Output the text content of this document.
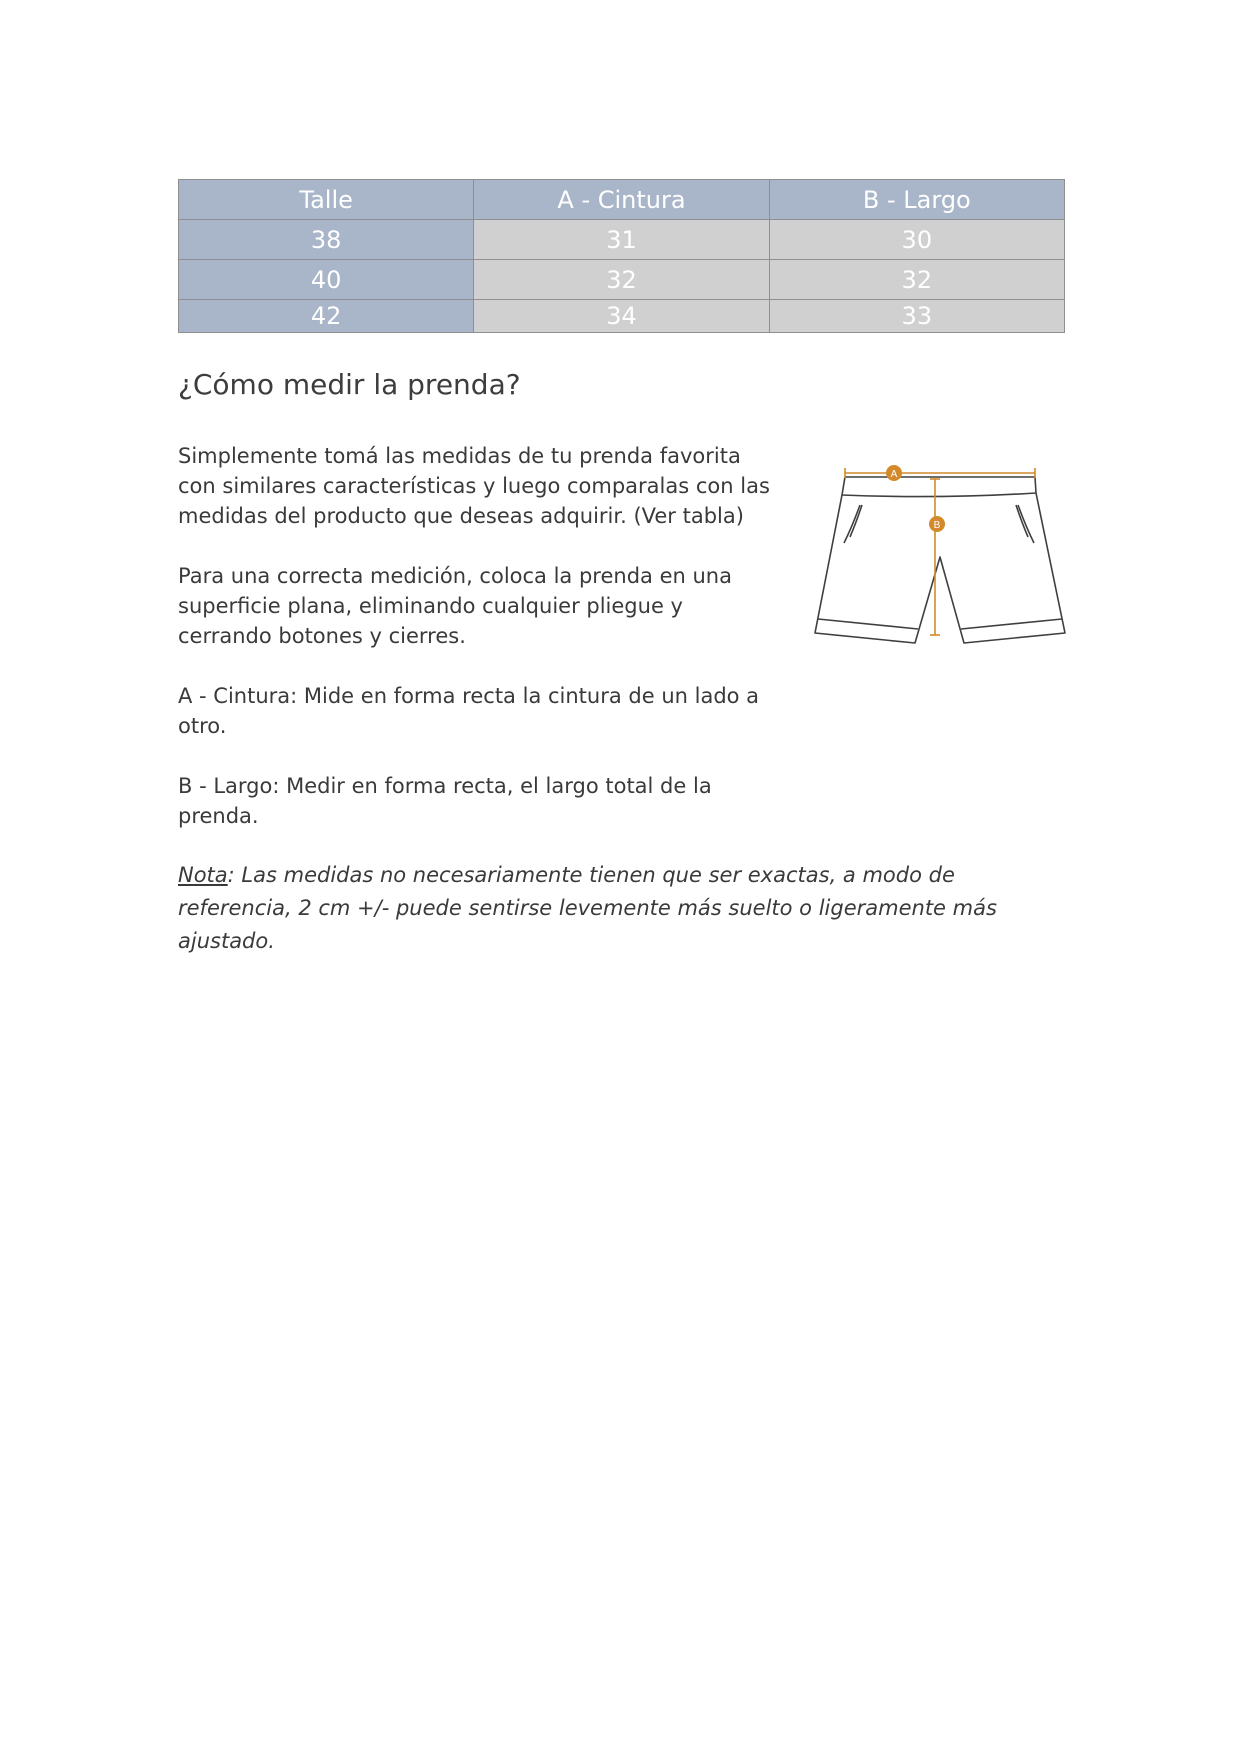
Talle	A - Cintura	B - Largo
38	31	30
40	32	32
42	34	33
¿Cómo medir la prenda?

Simplemente tomá las medidas de tu prenda favorita con similares características y luego comparalas con las medidas del producto que deseas adquirir. (Ver tabla)

Para una correcta medición, coloca la prenda en una superficie plana, eliminando cualquier pliegue y cerrando botones y cierres.

A - Cintura: Mide en forma recta la cintura de un lado a otro.

B - Largo: Medir en forma recta, el largo total de la prenda.

Nota: Las medidas no necesariamente tienen que ser exactas, a modo de referencia, 2 cm +/- puede sentirse levemente más suelto o ligeramente más ajustado.

A
B
